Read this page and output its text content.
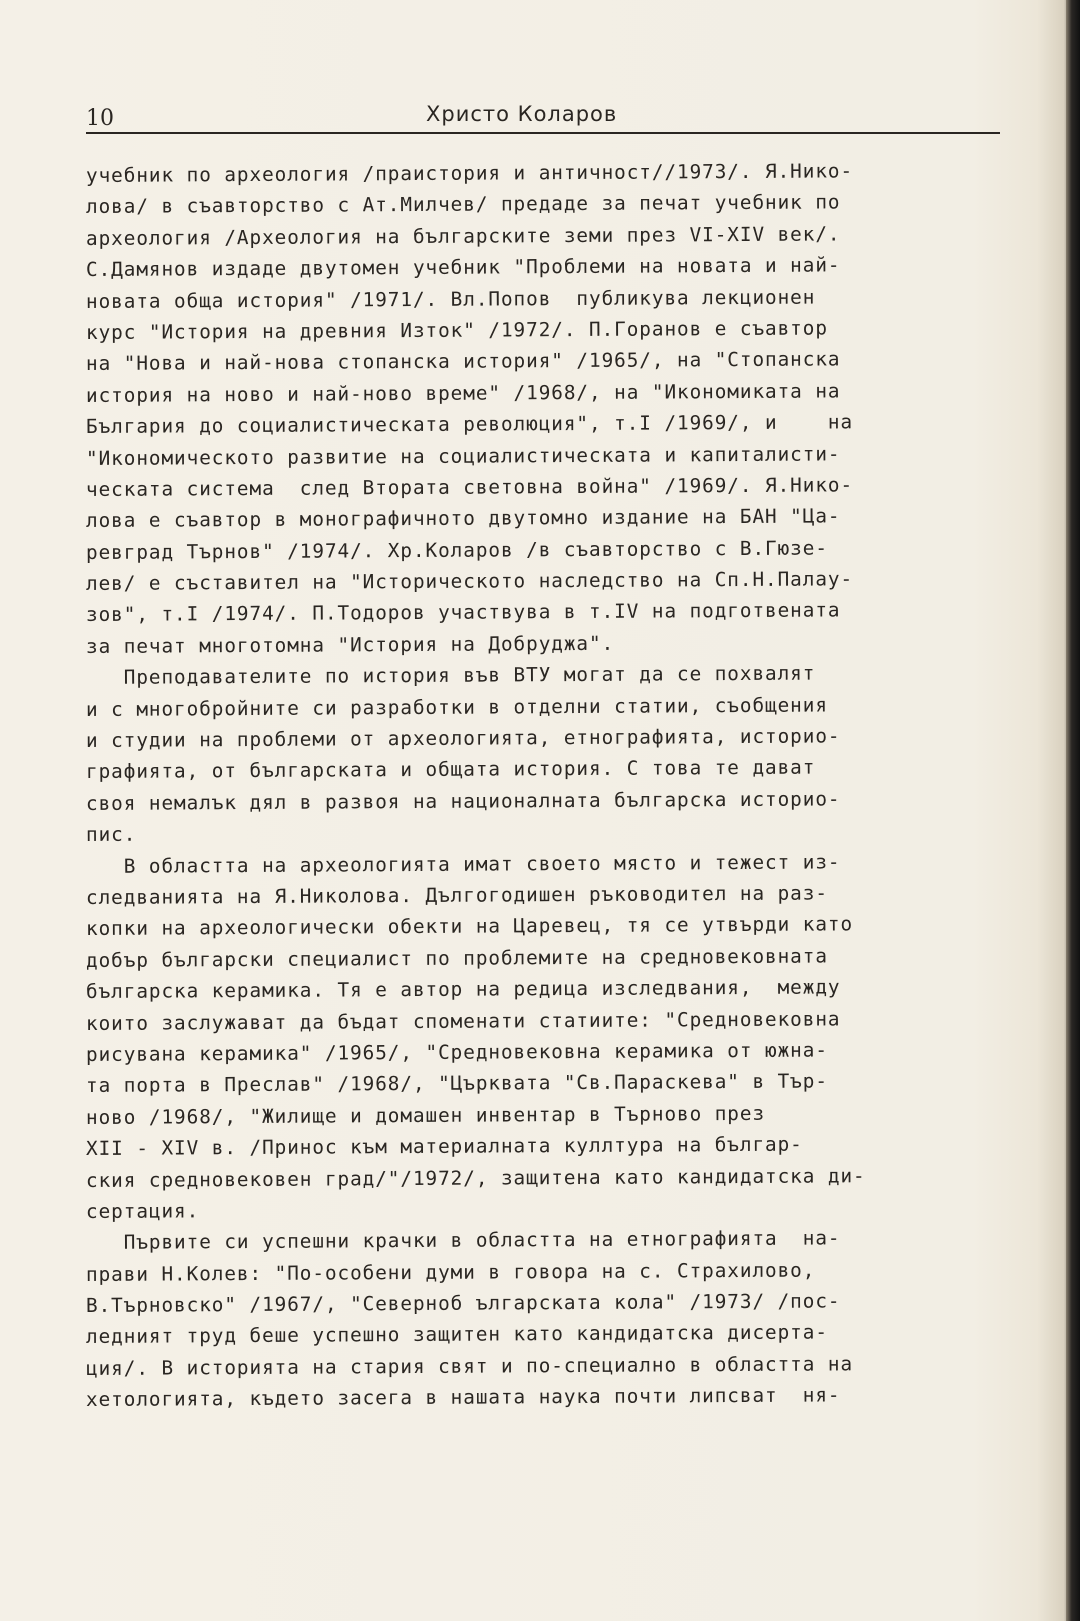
10	Христо Коларов
учебник по археология /праистория и античност//1973/. Я.Нико-
лова/ в съавторство с Ат.Милчев/ предаде за печат учебник по
археология /Археология на българските земи през VI-XIV век/.
С.Дамянов издаде двутомен учебник "Проблеми на новата и най-
новата обща история" /1971/. Вл.Попов  публикува лекционен
курс "История на древния Изток" /1972/. П.Горанов е съавтор
на "Нова и най-нова стопанска история" /1965/, на "Стопанска
история на ново и най-ново време" /1968/, на "Икономиката на
България до социалистическата революция", т.I /1969/, и    на
"Икономическото развитие на социалистическата и капиталисти-
ческата система  след Втората световна война" /1969/. Я.Нико-
лова е съавтор в монографичното двутомно издание на БАН "Ца-
ревград Търнов" /1974/. Хр.Коларов /в съавторство с В.Гюзе-
лев/ е съставител на "Историческото наследство на Сп.Н.Палау-
зов", т.I /1974/. П.Тодоров участвува в т.IV на подготвената
за печат многотомна "История на Добруджа".
Преподавателите по история във ВТУ могат да се похвалят
и с многобройните си разработки в отделни статии, съобщения
и студии на проблеми от археологията, етнографията, историо-
графията, от българската и общата история. С това те дават
своя немалък дял в развоя на националната българска историо-
пис.
В областта на археологията имат своето място и тежест из-
следванията на Я.Николова. Дългогодишен ръководител на раз-
копки на археологически обекти на Царевец, тя се утвърди като
добър български специалист по проблемите на средновековната
българска керамика. Тя е автор на редица изследвания,  между
които заслужават да бъдат споменати статиите: "Средновековна
рисувана керамика" /1965/, "Средновековна керамика от южна-
та порта в Преслав" /1968/, "Църквата "Св.Параскева" в Тър-
ново /1968/, "Жилище и домашен инвентар в Търново през
XII - XIV в. /Принос към материалната куллтура на българ-
ския средновековен град/"/1972/, защитена като кандидатска ди-
сертация.
Първите си успешни крачки в областта на етнографията  на-
прави Н.Колев: "По-особени думи в говора на с. Страхилово,
В.Търновско" /1967/, "Северноб ългарската кола" /1973/ /пос-
ледният труд беше успешно защитен като кандидатска дисерта-
ция/. В историята на стария свят и по-специално в областта на
хетологията, където засега в нашата наука почти липсват  ня-
